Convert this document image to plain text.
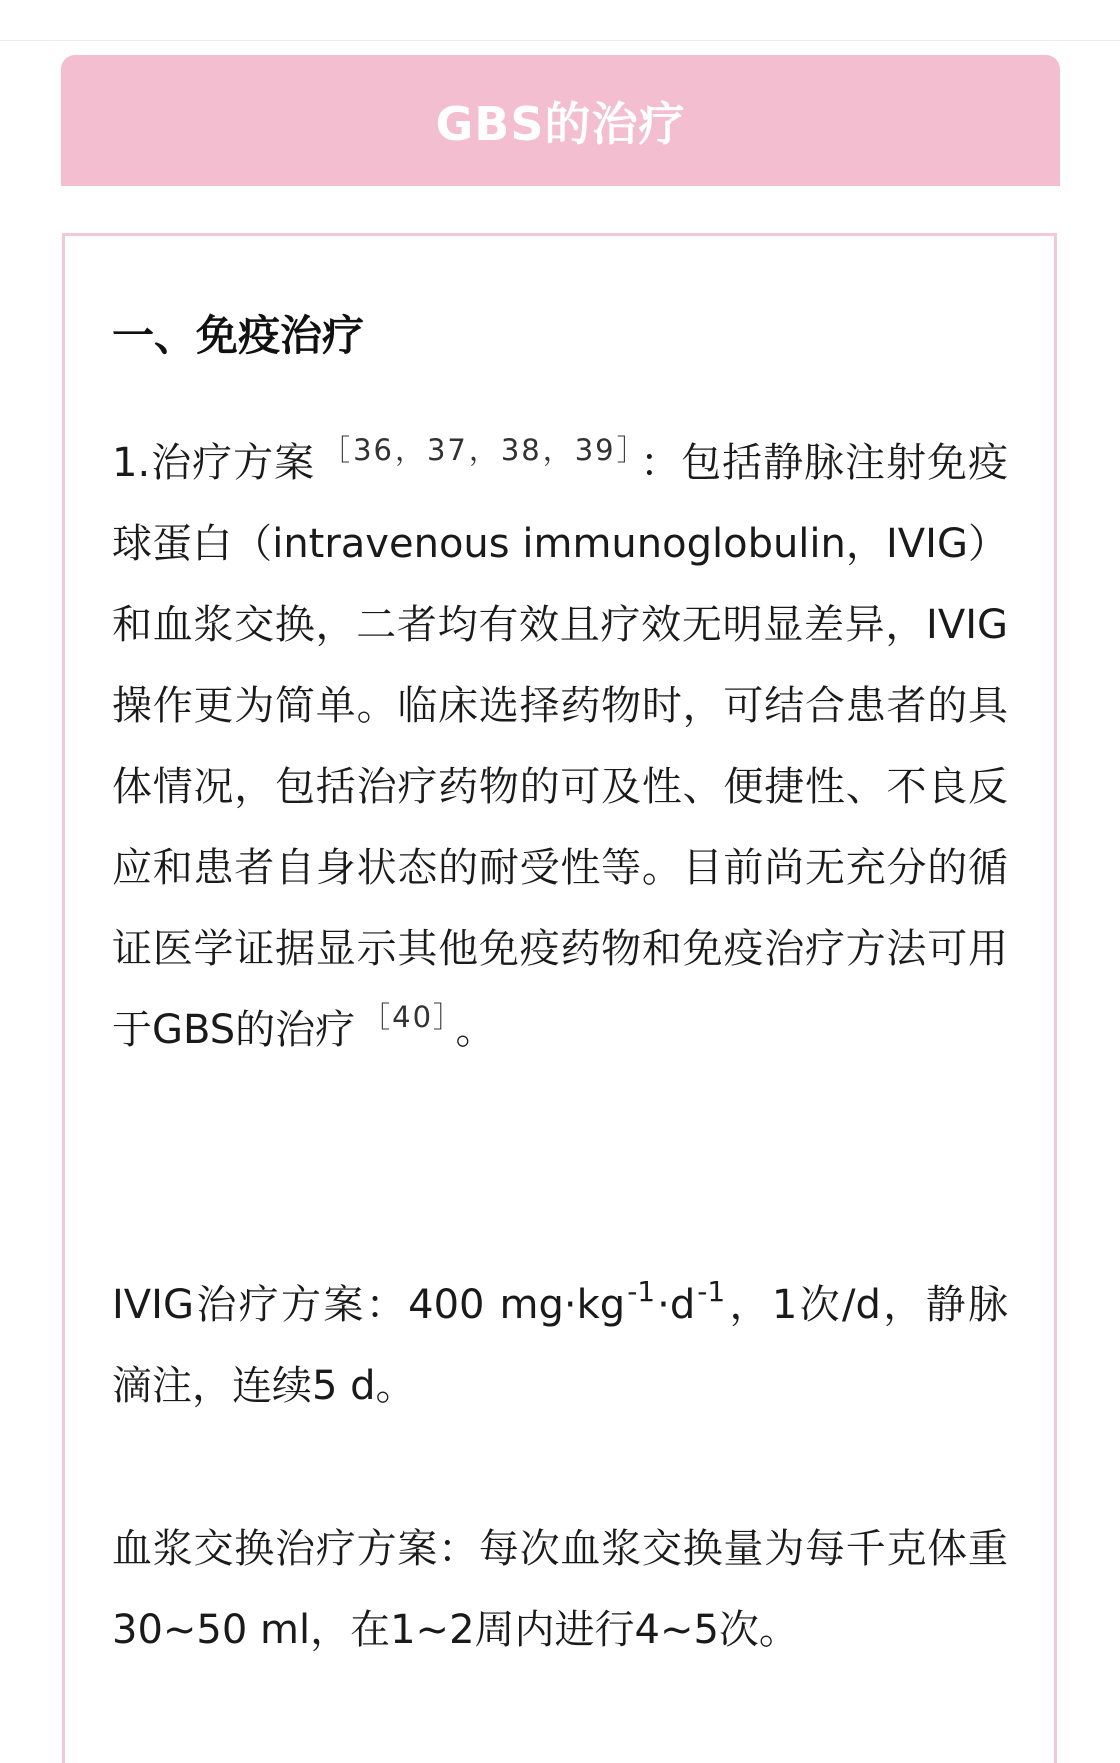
GBS的治疗
一、免疫治疗
1.治疗方案 $^{[36,37,38,39]}$ ：包括静脉注射免疫球蛋白（intravenous immunoglobulin，IVIG）和血浆交换，二者均有效且疗效无明显差异，IVIG操作更为简单。临床选择药物时，可结合患者的具体情况，包括治疗药物的可及性、便捷性、不良反应和患者自身状态的耐受性等。目前尚无充分的循证医学证据显示其他免疫药物和免疫治疗方法可用于GBS的治疗 $^{[40]}$ 。
IVIG治疗方案：400 $mg\cdot kg^{-1}\cdot d^{-1}$，1次/d，静脉滴注，连续5 d。
血浆交换治疗方案：每次血浆交换量为每千克体重30~50 ml，在1~2周内进行4~5次。
